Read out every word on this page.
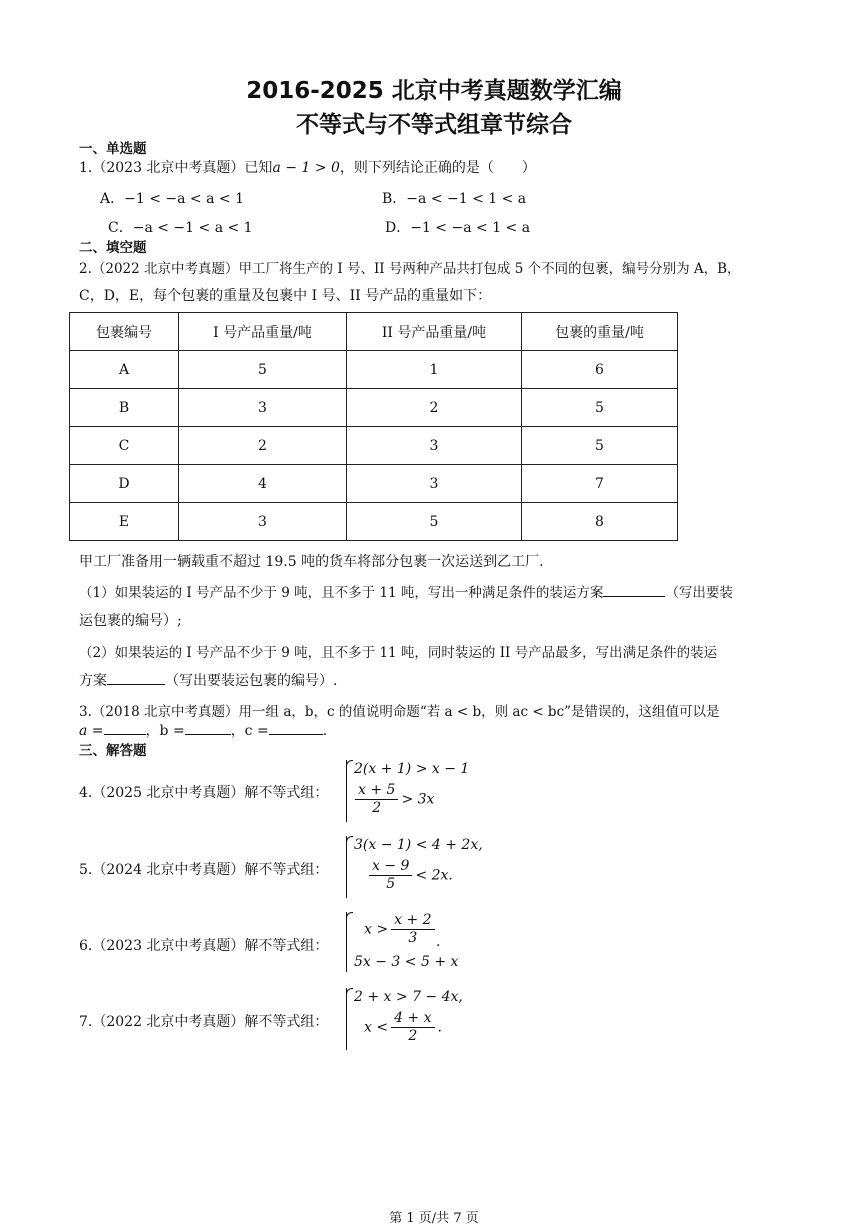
2016-2025 北京中考真题数学汇编
不等式与不等式组章节综合
一、单选题
1.（2023 北京中考真题）已知a − 1 > 0，则下列结论正确的是（　　）
A．−1 < −a < a < 1	B．−a < −1 < 1 < a
C．−a < −1 < a < 1	D．−1 < −a < 1 < a
二、填空题
2.（2022 北京中考真题）甲工厂将生产的 I 号、II 号两种产品共打包成 5 个不同的包裹，编号分别为 A，B，
C，D，E，每个包裹的重量及包裹中 I 号、II 号产品的重量如下：
包裹编号	I 号产品重量/吨	II 号产品重量/吨	包裹的重量/吨
A	5	1	6
B	3	2	5
C	2	3	5
D	4	3	7
E	3	5	8
甲工厂准备用一辆载重不超过 19.5 吨的货车将部分包裹一次运送到乙工厂.
（1）如果装运的 I 号产品不少于 9 吨，且不多于 11 吨，写出一种满足条件的装运方案	（写出要装
运包裹的编号）;
（2）如果装运的 I 号产品不少于 9 吨，且不多于 11 吨，同时装运的 II 号产品最多，写出满足条件的装运
方案	（写出要装运包裹的编号）.
3.（2018 北京中考真题）用一组 a，b，c 的值说明命题“若 a < b，则 ac < bc”是错误的，这组值可以是
a =	，b =	，c =	.
三、解答题
4.（2025 北京中考真题）解不等式组：
2(x + 1) > x − 1
$\frac{x + 5}{2} > 3x$
5.（2024 北京中考真题）解不等式组：
3(x − 1) < 4 + 2x,
$\frac{x - 9}{5} < 2x$.
6.（2023 北京中考真题）解不等式组：
$x > \frac{x + 2}{3}$
5x − 3 < 5 + x
.
7.（2022 北京中考真题）解不等式组：
2 + x > 7 − 4x,
$x < \frac{4 + x}{2}$ .
第 1 页/共 7 页
